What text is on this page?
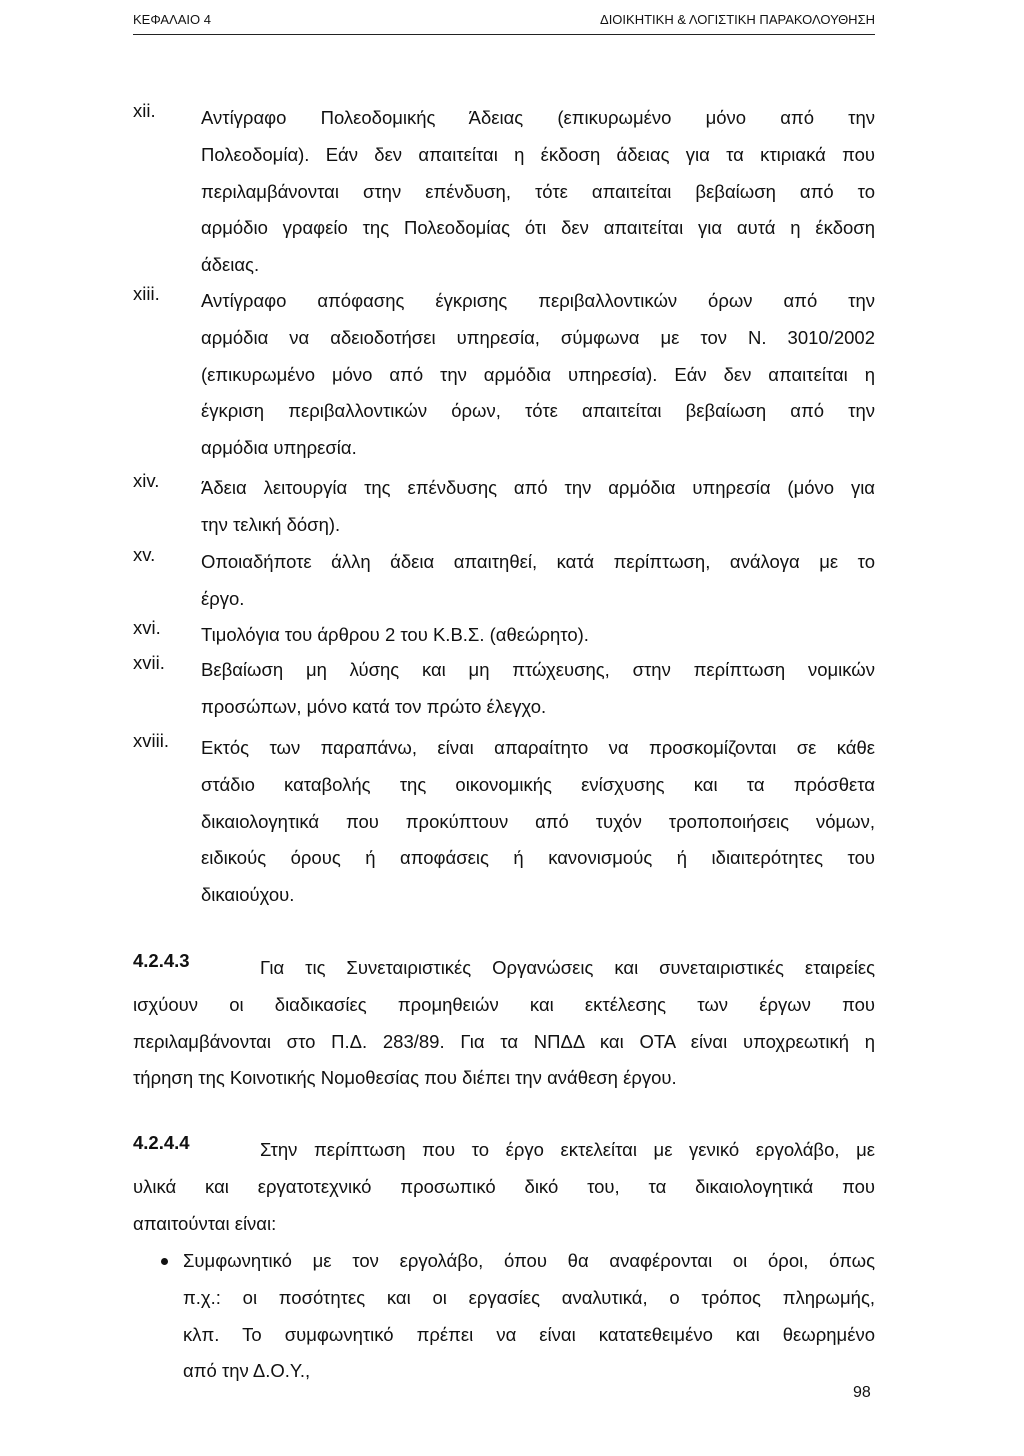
ΚΕΦΑΛΑΙΟ 4	ΔΙΟΙΚΗΤΙΚΗ & ΛΟΓΙΣΤΙΚΗ ΠΑΡΑΚΟΛΟΥΘΗΣΗ
xii. Αντίγραφο Πολεοδομικής Άδειας (επικυρωμένο μόνο από την
Πολεοδομία). Εάν δεν απαιτείται η έκδοση άδειας για τα κτιριακά που
περιλαμβάνονται στην επένδυση, τότε απαιτείται βεβαίωση από το
αρμόδιο γραφείο της Πολεοδομίας ότι δεν απαιτείται για αυτά η έκδοση
άδειας.
xiii. Αντίγραφο απόφασης έγκρισης περιβαλλοντικών όρων από την
αρμόδια να αδειοδοτήσει υπηρεσία, σύμφωνα με τον Ν. 3010/2002
(επικυρωμένο μόνο από την αρμόδια υπηρεσία). Εάν δεν απαιτείται η
έγκριση περιβαλλοντικών όρων, τότε απαιτείται βεβαίωση από την
αρμόδια υπηρεσία.
xiv. Άδεια λειτουργία της επένδυσης από την αρμόδια υπηρεσία (μόνο για
την τελική δόση).
xv. Οποιαδήποτε άλλη άδεια απαιτηθεί, κατά περίπτωση, ανάλογα με το
έργο.
xvi. Τιμολόγια του άρθρου 2 του Κ.Β.Σ. (αθεώρητο).
xvii. Βεβαίωση μη λύσης και μη πτώχευσης, στην περίπτωση νομικών
προσώπων, μόνο κατά τον πρώτο έλεγχο.
xviii. Εκτός των παραπάνω, είναι απαραίτητο να προσκομίζονται σε κάθε
στάδιο καταβολής της οικονομικής ενίσχυσης και τα πρόσθετα
δικαιολογητικά που προκύπτουν από τυχόν τροποποιήσεις νόμων,
ειδικούς όρους ή αποφάσεις ή κανονισμούς ή ιδιαιτερότητες του
δικαιούχου.
4.2.4.3	Για τις Συνεταιριστικές Οργανώσεις και συνεταιριστικές εταιρείες
ισχύουν οι διαδικασίες προμηθειών και εκτέλεσης των έργων που
περιλαμβάνονται στο Π.Δ. 283/89. Για τα ΝΠΔΔ και ΟΤΑ είναι υποχρεωτική η
τήρηση της Κοινοτικής Νομοθεσίας που διέπει την ανάθεση έργου.
4.2.4.4	Στην περίπτωση που το έργο εκτελείται με γενικό εργολάβο, με
υλικά και εργατοτεχνικό προσωπικό δικό του, τα δικαιολογητικά που
απαιτούνται είναι:
Συμφωνητικό με τον εργολάβο, όπου θα αναφέρονται οι όροι, όπως
π.χ.: οι ποσότητες και οι εργασίες αναλυτικά, ο τρόπος πληρωμής,
κλπ. Το συμφωνητικό πρέπει να είναι κατατεθειμένο και θεωρημένο
από την Δ.Ο.Υ.,
98
